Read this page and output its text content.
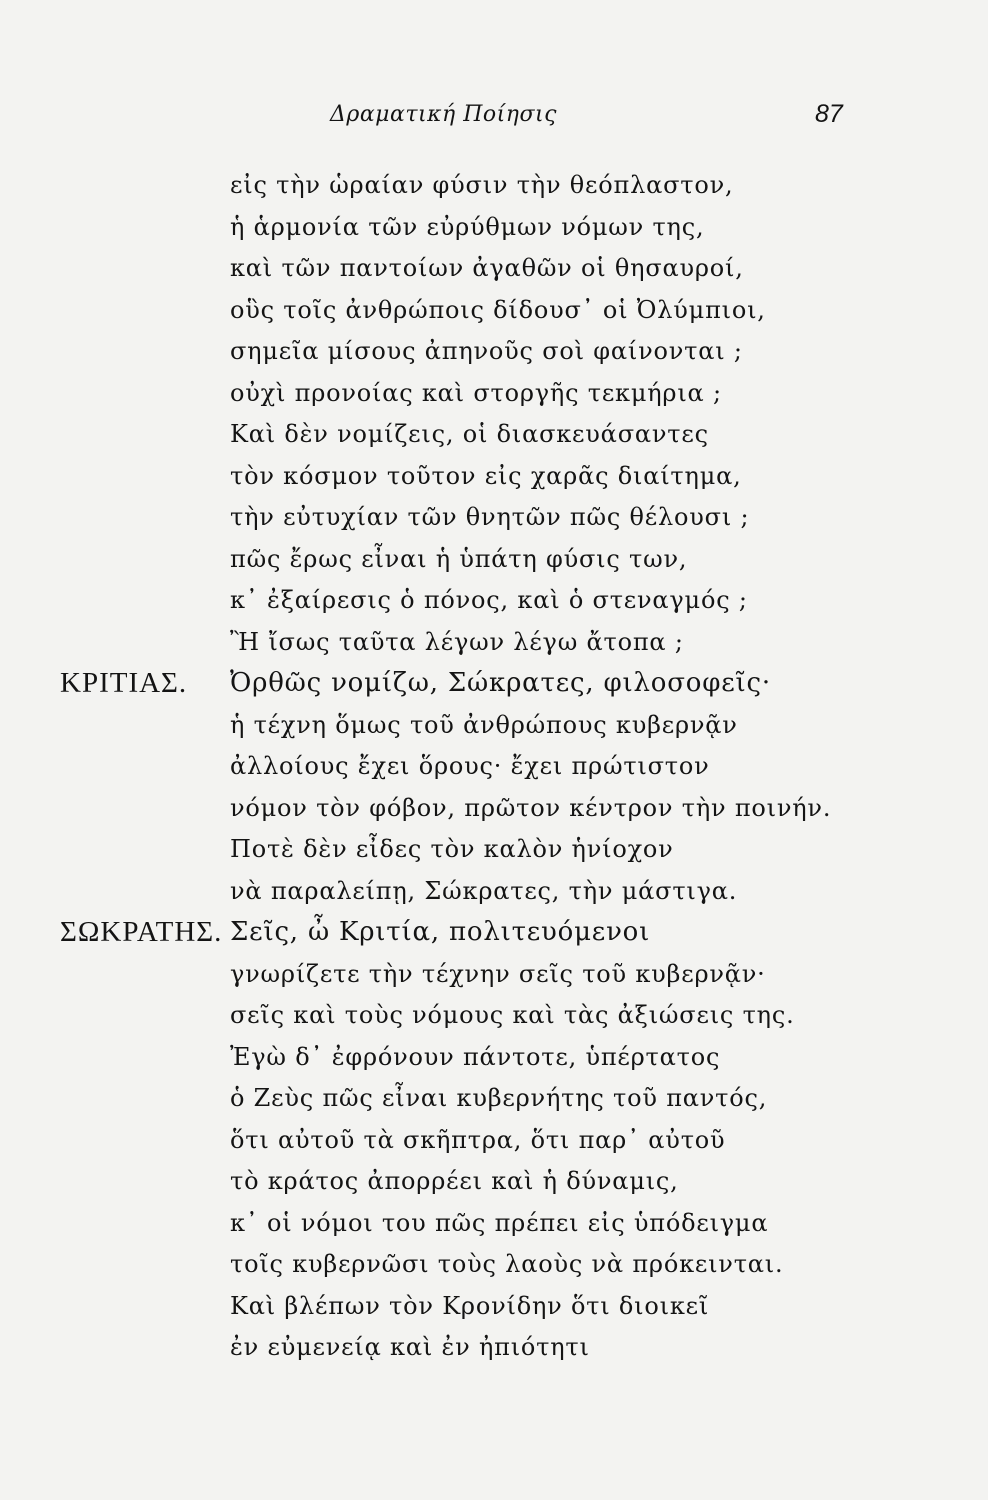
Δραματική Ποίησις	87
εἰς τὴν ὡραίαν φύσιν τὴν θεόπλαστον,
ἡ ἁρμονία τῶν εὐρύθμων νόμων της,
καὶ τῶν παντοίων ἀγαθῶν οἱ θησαυροί,
οὓς τοῖς ἀνθρώποις δίδουσ᾽ οἱ Ὀλύμπιοι,
σημεῖα μίσους ἀπηνοῦς σοὶ φαίνονται ;
οὐχὶ προνοίας καὶ στοργῆς τεκμήρια ;
Καὶ δὲν νομίζεις, οἱ διασκευάσαντες
τὸν κόσμον τοῦτον εἰς χαρᾶς διαίτημα,
τὴν εὐτυχίαν τῶν θνητῶν πῶς θέλουσι ;
πῶς ἔρως εἶναι ἡ ὑπάτη φύσις των,
κ᾽ ἐξαίρεσις ὁ πόνος, καὶ ὁ στεναγμός ;
Ἢ ἴσως ταῦτα λέγων λέγω ἄτοπα ;
ΚΡΙΤΙΑΣ. Ὀρθῶς νομίζω, Σώκρατες, φιλοσοφεῖς·
ἡ τέχνη ὅμως τοῦ ἀνθρώπους κυβερνᾷν
ἀλλοίους ἔχει ὅρους· ἔχει πρώτιστον
νόμον τὸν φόβον, πρῶτον κέντρον τὴν ποινήν.
Ποτὲ δὲν εἶδες τὸν καλὸν ἡνίοχον
νὰ παραλείπῃ, Σώκρατες, τὴν μάστιγα.
ΣΩΚΡΑΤΗΣ. Σεῖς, ὦ Κριτία, πολιτευόμενοι
γνωρίζετε τὴν τέχνην σεῖς τοῦ κυβερνᾷν·
σεῖς καὶ τοὺς νόμους καὶ τὰς ἀξιώσεις της.
Ἐγὼ δ᾽ ἐφρόνουν πάντοτε, ὑπέρτατος
ὁ Ζεὺς πῶς εἶναι κυβερνήτης τοῦ παντός,
ὅτι αὐτοῦ τὰ σκῆπτρα, ὅτι παρ᾽ αὐτοῦ
τὸ κράτος ἀπορρέει καὶ ἡ δύναμις,
κ᾽ οἱ νόμοι του πῶς πρέπει εἰς ὑπόδειγμα
τοῖς κυβερνῶσι τοὺς λαοὺς νὰ πρόκεινται.
Καὶ βλέπων τὸν Κρονίδην ὅτι διοικεῖ
ἐν εὐμενείᾳ καὶ ἐν ἠπιότητι
